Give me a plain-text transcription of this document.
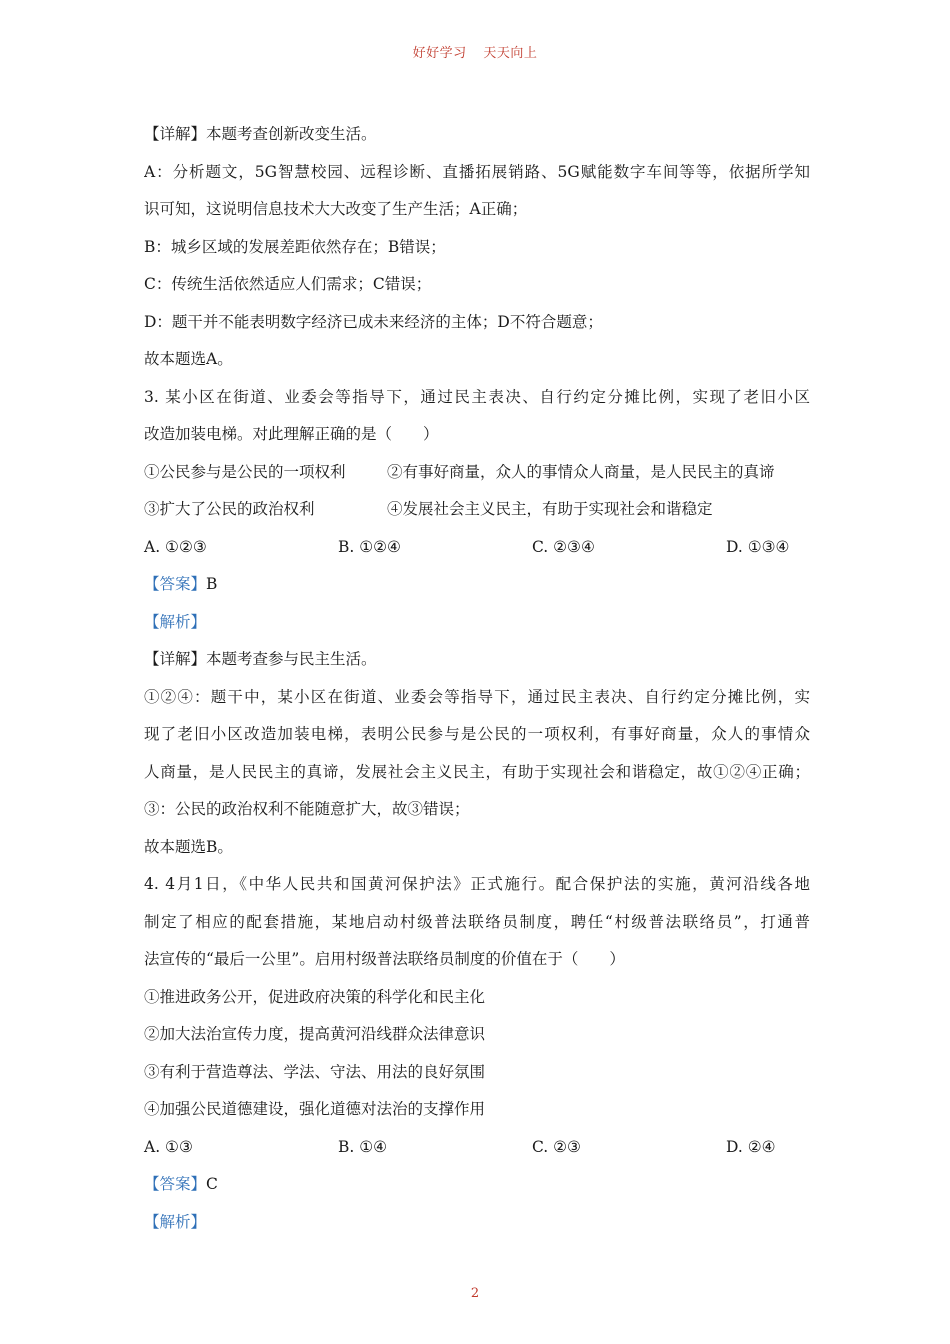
好好学习 天天向上
【详解】本题考查创新改变生活。
A：分析题文，5G智慧校园、远程诊断、直播拓展销路、5G赋能数字车间等等，依据所学知
识可知，这说明信息技术大大改变了生产生活；A正确；
B：城乡区域的发展差距依然存在；B错误；
C：传统生活依然适应人们需求；C错误；
D：题干并不能表明数字经济已成未来经济的主体；D不符合题意；
故本题选A。
3. 某小区在街道、业委会等指导下，通过民主表决、自行约定分摊比例，实现了老旧小区
改造加装电梯。对此理解正确的是（　　）
①公民参与是公民的一项权利	②有事好商量，众人的事情众人商量，是人民民主的真谛
③扩大了公民的政治权利	④发展社会主义民主，有助于实现社会和谐稳定
A. ①②③	B. ①②④	C. ②③④	D. ①③④
【答案】B
【解析】
【详解】本题考查参与民主生活。
①②④：题干中，某小区在街道、业委会等指导下，通过民主表决、自行约定分摊比例，实
现了老旧小区改造加装电梯，表明公民参与是公民的一项权利，有事好商量，众人的事情众
人商量，是人民民主的真谛，发展社会主义民主，有助于实现社会和谐稳定，故①②④正确；
③：公民的政治权利不能随意扩大，故③错误；
故本题选B。
4. 4月1日，《中华人民共和国黄河保护法》正式施行。配合保护法的实施，黄河沿线各地
制定了相应的配套措施，某地启动村级普法联络员制度，聘任“村级普法联络员”，打通普
法宣传的“最后一公里”。启用村级普法联络员制度的价值在于（　　）
①推进政务公开，促进政府决策的科学化和民主化
②加大法治宣传力度，提高黄河沿线群众法律意识
③有利于营造尊法、学法、守法、用法的良好氛围
④加强公民道德建设，强化道德对法治的支撑作用
A. ①③	B. ①④	C. ②③	D. ②④
【答案】C
【解析】
2
